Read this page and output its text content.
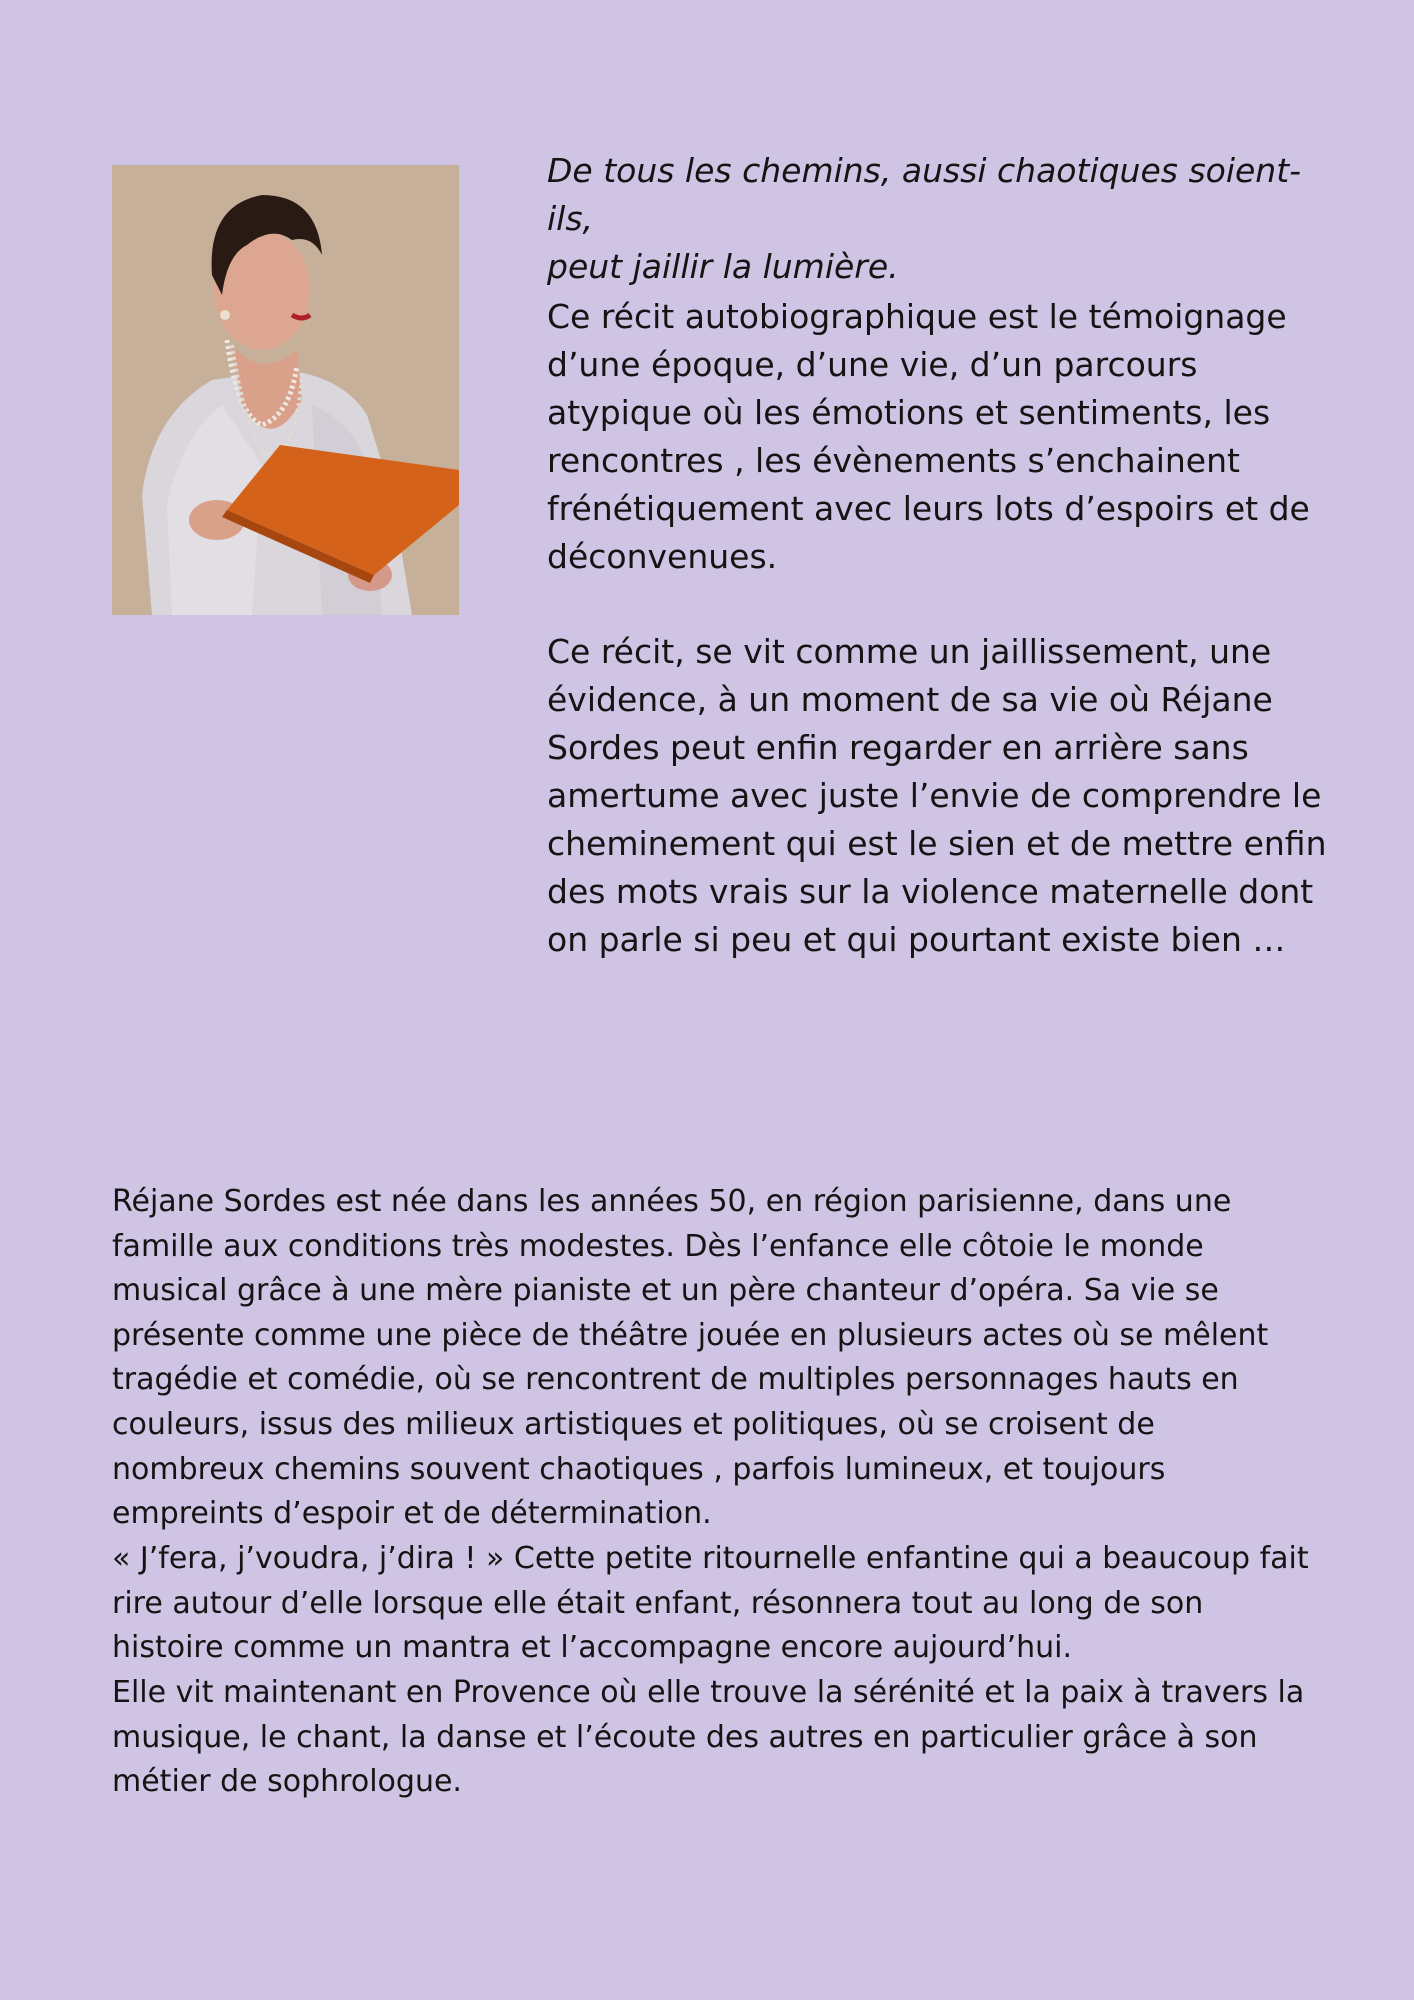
De tous les chemins, aussi chaotiques soient-ils,
peut jaillir la lumière.

Ce récit autobiographique est le témoignage
d’une époque, d’une vie, d’un parcours
atypique où les émotions et sentiments, les
rencontres , les évènements s’enchainent
frénétiquement avec leurs lots d’espoirs et de
déconvenues.

Ce récit, se vit comme un jaillissement, une
évidence, à un moment de sa vie où Réjane
Sordes peut enfin regarder en arrière sans
amertume avec juste l’envie de comprendre le
cheminement qui est le sien et de mettre enfin
des mots vrais sur la violence maternelle dont
on parle si peu et qui pourtant existe bien …

Réjane Sordes est née dans les années 50, en région parisienne, dans une
famille aux conditions très modestes. Dès l’enfance elle côtoie le monde
musical grâce à une mère pianiste et un père chanteur d’opéra. Sa vie se
présente comme une pièce de théâtre jouée en plusieurs actes où se mêlent
tragédie et comédie, où se rencontrent de multiples personnages hauts en
couleurs, issus des milieux artistiques et politiques, où se croisent de
nombreux chemins souvent chaotiques , parfois lumineux, et toujours
empreints d’espoir et de détermination.

« J’fera, j’voudra, j’dira ! » Cette petite ritournelle enfantine qui a beaucoup fait
rire autour d’elle lorsque elle était enfant, résonnera tout au long de son
histoire comme un mantra et l’accompagne encore aujourd’hui.

Elle vit maintenant en Provence où elle trouve la sérénité et la paix à travers la
musique, le chant, la danse et l’écoute des autres en particulier grâce à son
métier de sophrologue.
